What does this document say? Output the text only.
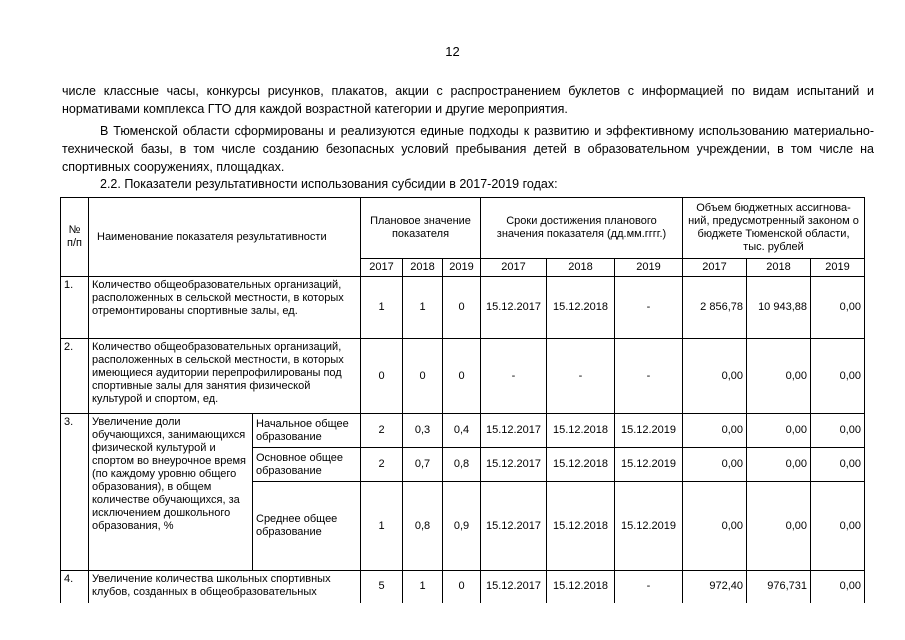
12

числе классные часы, конкурсы рисунков, плакатов, акции с распространением буклетов с информацией по видам испытаний и нормативами комплекса ГТО для каждой возрастной категории и другие мероприятия.

В Тюменской области сформированы и реализуются единые подходы к развитию и эффективному использованию материально-технической базы, в том числе созданию безопасных условий пребывания детей в образовательном учреждении, в том числе на спортивных сооружениях, площадках.

2.2. Показатели результативности использования субсидии в 2017-2019 годах:
№ п/п	Наименование показателя результативности		Плановое значение показателя			Сроки достижения планового значения показателя (дд.мм.гггг.)			Объем бюджетных ассигнова-ний, предусмотренный законом о бюджете Тюменской области, тыс. рублей		
			2017	2018	2019	2017	2018	2019	2017	2018	2019
1.	Количество общеобразовательных организаций, расположенных в сельской местности, в которых отремонтированы спортивные залы, ед.		1	1	0	15.12.2017	15.12.2018	-	2 856,78	10 943,88	0,00
2.	Количество общеобразовательных организаций, расположенных в сельской местности, в которых имеющиеся аудитории перепрофилированы под спортивные залы для занятия физической культурой и спортом, ед.		0	0	0	-	-	-	0,00	0,00	0,00
3.	Увеличение доли обучающихся, занимающихся физической культурой и спортом во внеурочное время (по каждому уровню общего образования), в общем количестве обучающихся, за исключением дошкольного образования, %	Начальное общее образование	2	0,3	0,4	15.12.2017	15.12.2018	15.12.2019	0,00	0,00	0,00
		Основное общее образование	2	0,7	0,8	15.12.2017	15.12.2018	15.12.2019	0,00	0,00	0,00
		Среднее общее образование	1	0,8	0,9	15.12.2017	15.12.2018	15.12.2019	0,00	0,00	0,00
4.	Увеличение количества школьных спортивных клубов, созданных в общеобразовательных		5	1	0	15.12.2017	15.12.2018	-	972,40	976,731	0,00
